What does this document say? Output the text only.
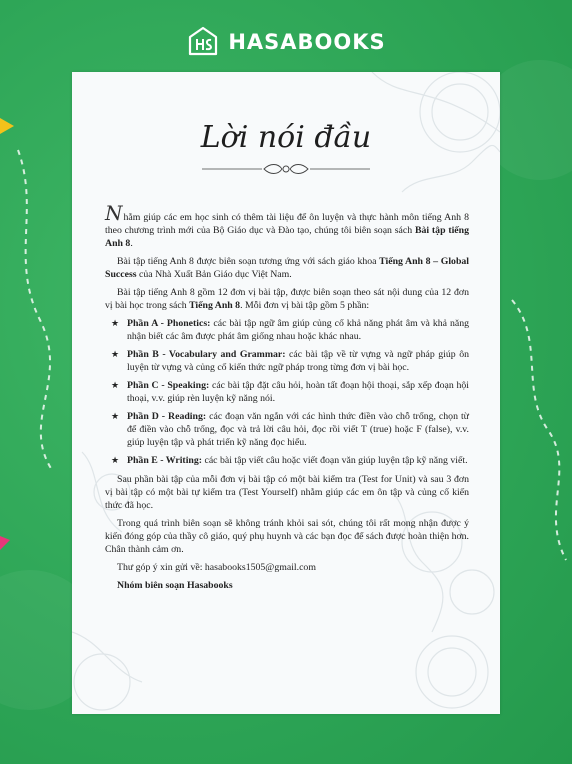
HASABOOKS
Lời nói đầu

Nhằm giúp các em học sinh có thêm tài liệu để ôn luyện và thực hành môn tiếng Anh 8 theo chương trình mới của Bộ Giáo dục và Đào tạo, chúng tôi biên soạn sách Bài tập tiếng Anh 8.

Bài tập tiếng Anh 8 được biên soạn tương ứng với sách giáo khoa Tiếng Anh 8 – Global Success của Nhà Xuất Bản Giáo dục Việt Nam.

Bài tập tiếng Anh 8 gồm 12 đơn vị bài tập, được biên soạn theo sát nội dung của 12 đơn vị bài học trong sách Tiếng Anh 8. Mỗi đơn vị bài tập gồm 5 phần:

★ Phần A - Phonetics: các bài tập ngữ âm giúp củng cố khả năng phát âm và khả năng nhận biết các âm được phát âm giống nhau hoặc khác nhau.
★ Phần B - Vocabulary and Grammar: các bài tập về từ vựng và ngữ pháp giúp ôn luyện từ vựng và củng cố kiến thức ngữ pháp trong từng đơn vị bài học.
★ Phần C - Speaking: các bài tập đặt câu hỏi, hoàn tất đoạn hội thoại, sắp xếp đoạn hội thoại, v.v. giúp rèn luyện kỹ năng nói.
★ Phần D - Reading: các đoạn văn ngắn với các hình thức điền vào chỗ trống, chọn từ để điền vào chỗ trống, đọc và trả lời câu hỏi, đọc rồi viết T (true) hoặc F (false), v.v. giúp luyện tập và phát triển kỹ năng đọc hiểu.
★ Phần E - Writing: các bài tập viết câu hoặc viết đoạn văn giúp luyện tập kỹ năng viết.

Sau phần bài tập của mỗi đơn vị bài tập có một bài kiểm tra (Test for Unit) và sau 3 đơn vị bài tập có một bài tự kiểm tra (Test Yourself) nhằm giúp các em ôn tập và củng cố kiến thức đã học.

Trong quá trình biên soạn sẽ không tránh khỏi sai sót, chúng tôi rất mong nhận được ý kiến đóng góp của thầy cô giáo, quý phụ huynh và các bạn đọc để sách được hoàn thiện hơn. Chân thành cảm ơn.

Thư góp ý xin gửi về: hasabooks1505@gmail.com

Nhóm biên soạn Hasabooks
